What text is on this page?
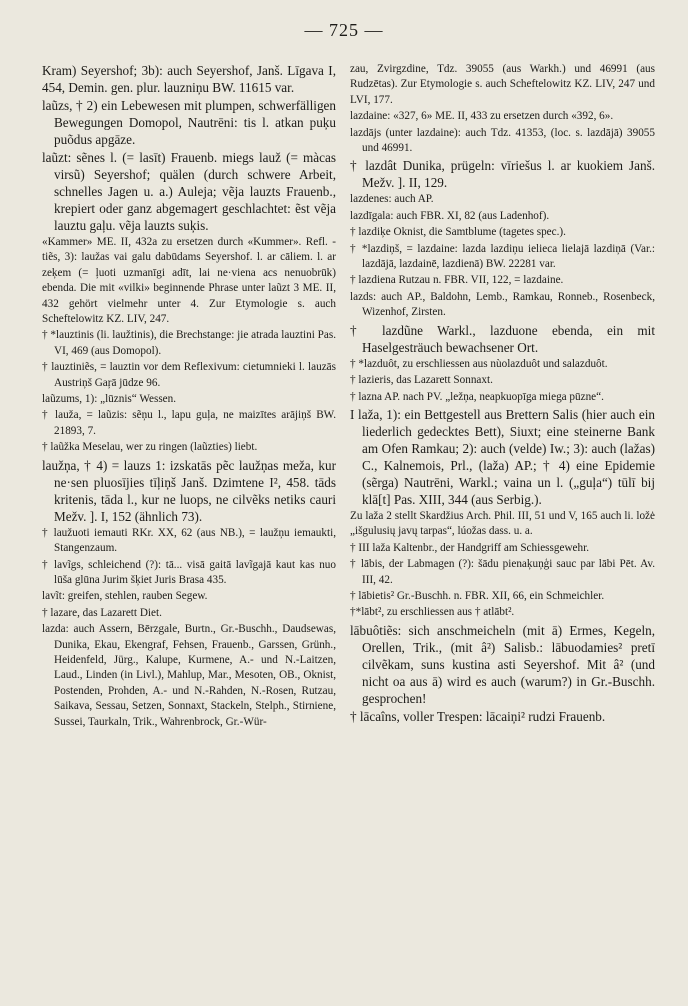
— 725 —

Kram) Seyershof; 3b): auch Seyershof, Janš. Līgava I, 454, Demin. gen. plur. lauzniņu BW. 11615 var.

laũzs, † 2) ein Lebewesen mit plumpen, schwerfälligen Bewegungen Domopol, Nautrēni: tis l. atkan puķu puõdus apgāze.

laũzt: sẽnes l. (= lasīt) Frauenb. miegs lauž (= màcas virsũ) Seyershof; quälen (durch schwere Arbeit, schnelles Jagen u. a.) Auleja; vẽja lauzts Frauenb., krepiert oder ganz abgemagert geschlachtet: ẽst vẽja lauztu gaļu. vẽja lauzts suķis.

«Kammer» ME. II, 432a zu ersetzen durch «Kummer». Refl. -tiẽs, 3): laužas vai galu dabūdams Seyershof. l. ar cāliem. l. ar zeķem (= ļuoti uzmanīgi adīt, lai ne·viena acs nenuobrūk) ebenda. Die mit «vilki» beginnende Phrase unter laũzt 3 ME. II, 432 gehört vielmehr unter 4. Zur Etymologie s. auch Scheftelowitz KZ. LIV, 247.

† *lauztinis (li. laužtinis), die Brechstange: jie atrada lauztini Pas. VI, 469 (aus Domopol).

† lauztiniẽs, = lauztin vor dem Reflexivum: cietumnieki l. lauzās Austriņš Gaŗā jūdze 96.

laũzums, 1): „lūznis“ Wessen.

† lauža, = laũzis: sẽņu l., lapu guļa, ne maizītes arājiņš BW. 21893, 7.

† laũžka Meselau, wer zu ringen (laũzties) liebt.

laužņa, † 4) = lauzs 1: izskatās pẽc laužņas meža, kur ne·sen pluosījies tīļiņš Janš. Dzimtene I², 458. tāds kritenis, tāda l., kur ne luops, ne cilvẽks netiks cauri Mežv. ]. I, 152 (ähnlich 73).

† laužuoti iemauti RKr. XX, 62 (aus NB.), = laužņu iemaukti, Stangenzaum.

† lavĩgs, schleichend (?): tā... visā gaitā lavĩgajā kaut kas nuo lūša glūna Jurim šķiet Juris Brasa 435.

lavĩt: greifen, stehlen, rauben Segew.

† lazare, das Lazarett Diet.

lazda: auch Assern, Bērzgale, Burtn., Gr.-Buschh., Daudsewas, Dunika, Ekau, Ekengraf, Fehsen, Frauenb., Garssen, Grünh., Heidenfeld, Jürg., Kalupe, Kurmene, A.- und N.-Laitzen, Laud., Linden (in Livl.), Mahlup, Mar., Mesoten, OB., Oknist, Postenden, Prohden, A.- und N.-Rahden, N.-Rosen, Rutzau, Saikava, Sessau, Setzen, Sonnaxt, Stackeln, Stelph., Stirniene, Sussei, Taurkaln, Trik., Wahrenbrock, Gr.-Wür-

zau, Zvirgzdine, Tdz. 39055 (aus Warkh.) und 46991 (aus Rudzētas). Zur Etymologie s. auch Scheftelowitz KZ. LIV, 247 und LVI, 177.

lazdaine: «327, 6» ME. II, 433 zu ersetzen durch «392, 6».

lazdājs (unter lazdaine): auch Tdz. 41353, (loc. s. lazdājā) 39055 und 46991.

† lazdât Dunika, prügeln: vīriešus l. ar kuokiem Janš. Mežv. ]. II, 129.

lazdenes: auch AP.

lazdīgala: auch FBR. XI, 82 (aus Ladenhof).

† lazdiķe Oknist, die Samtblume (tagetes spec.).

† *lazdiņš, = lazdaine: lazda lazdiņu ielieca lielajā lazdiņā (Var.: lazdājā, lazdainē, lazdienā) BW. 22281 var.

† lazdiena Rutzau n. FBR. VII, 122, = lazdaine.

lazds: auch AP., Baldohn, Lemb., Ramkau, Ronneb., Rosenbeck, Wizenhof, Zirsten.

† lazdũne Warkl., lazduone ebenda, ein mit Haselgesträuch bewachsener Ort.

† *lazduôt, zu erschliessen aus nùolazduôt und salazduôt.

† lazieris, das Lazarett Sonnaxt.

† lazna AP. nach PV. „ležņa, neapkuopīga miega pūzne“.

I laža, 1): ein Bettgestell aus Brettern Salis (hier auch ein liederlich gedecktes Bett), Siuxt; eine steinerne Bank am Ofen Ramkau; 2): auch (velde) Iw.; 3): auch (lažas) C., Kalnemois, Prl., (laža) AP.; † 4) eine Epidemie (sẽrga) Nautrēni, Warkl.; vaina un l. („guļa“) tūlī bij klā[t] Pas. XIII, 344 (aus Serbig.).

Zu laža 2 stellt Skardžius Arch. Phil. III, 51 und V, 165 auch li. ložė „išgulusių javų tarpas“, lúožas dass. u. a.

† III laža Kaltenbr., der Handgriff am Schiessgewehr.

† lābis, der Labmagen (?): šādu pienaķuņģi sauc par lābi Pēt. Av. III, 42.

† lābietis² Gr.-Buschh. n. FBR. XII, 66, ein Schmeichler.

†*lābt², zu erschliessen aus † atlābt².

lābuôtiẽs: sich anschmeicheln (mit ā) Ermes, Kegeln, Orellen, Trik., (mit â²) Salisb.: lābuodamies² pretī cilvẽkam, suns kustina asti Seyershof. Mit â² (und nicht oa aus ā) wird es auch (warum?) in Gr.-Buschh. gesprochen!

† lācaîns, voller Trespen: lācaiņi² rudzi Frauenb.
